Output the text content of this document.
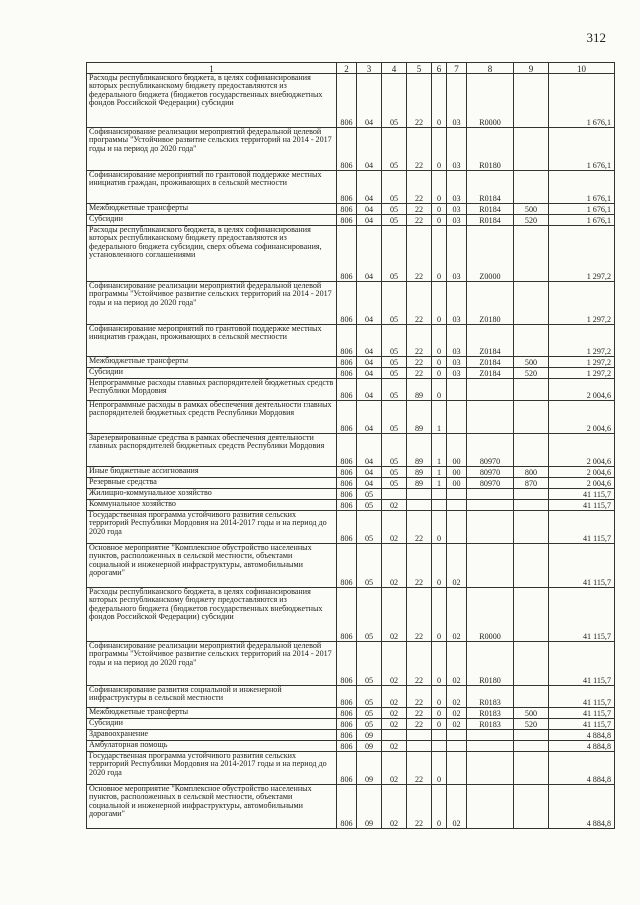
312
1	2	3	4	5	6	7	8	9	10
Расходы республиканского бюджета, в целях софинансирования которых республиканскому бюджету предоставляются из федерального бюджета (бюджетов государственных внебюджетных фондов Российской Федерации) субсидии	806	04	05	22	0	03	R0000		1 676,1
Софинансирование реализации мероприятий федеральной целевой программы "Устойчивое развитие сельских территорий на 2014 - 2017 годы и на период до 2020 года"	806	04	05	22	0	03	R0180		1 676,1
Софинансирование мероприятий по грантовой поддержке местных инициатив граждан, проживающих в сельской местности	806	04	05	22	0	03	R0184		1 676,1
Межбюджетные трансферты	806	04	05	22	0	03	R0184	500	1 676,1
Субсидии	806	04	05	22	0	03	R0184	520	1 676,1
Расходы республиканского бюджета, в целях софинансирования которых республиканскому бюджету предоставляются из федерального бюджета субсидии, сверх объема софинансирования, установленного соглашениями	806	04	05	22	0	03	Z0000		1 297,2
Софинансирование реализации мероприятий федеральной целевой программы "Устойчивое развитие сельских территорий на 2014 - 2017 годы и на период до 2020 года"	806	04	05	22	0	03	Z0180		1 297,2
Софинансирование мероприятий по грантовой поддержке местных инициатив граждан, проживающих в сельской местности	806	04	05	22	0	03	Z0184		1 297,2
Межбюджетные трансферты	806	04	05	22	0	03	Z0184	500	1 297,2
Субсидии	806	04	05	22	0	03	Z0184	520	1 297,2
Непрограммные расходы главных распорядителей бюджетных средств Республики Мордовия	806	04	05	89	0				2 004,6
Непрограммные расходы в рамках обеспечения деятельности главных распорядителей бюджетных средств Республики Мордовия	806	04	05	89	1				2 004,6
Зарезервированные средства в рамках обеспечения деятельности главных распорядителей бюджетных средств Республики Мордовия	806	04	05	89	1	00	80970		2 004,6
Иные бюджетные ассигнования	806	04	05	89	1	00	80970	800	2 004,6
Резервные средства	806	04	05	89	1	00	80970	870	2 004,6
Жилищно-коммунальное хозяйство	806	05							41 115,7
Коммунальное хозяйство	806	05	02						41 115,7
Государственная программа устойчивого развития сельских территорий Республики Мордовия на 2014-2017 годы и на период до 2020 года	806	05	02	22	0				41 115,7
Основное мероприятие "Комплексное обустройство населенных пунктов, расположенных в сельской местности, объектами социальной и инженерной инфраструктуры, автомобильными дорогами"	806	05	02	22	0	02			41 115,7
Расходы республиканского бюджета, в целях софинансирования которых республиканскому бюджету предоставляются из федерального бюджета (бюджетов государственных внебюджетных фондов Российской Федерации) субсидии	806	05	02	22	0	02	R0000		41 115,7
Софинансирование реализации мероприятий федеральной целевой программы "Устойчивое развитие сельских территорий на 2014 - 2017 годы и на период до 2020 года"	806	05	02	22	0	02	R0180		41 115,7
Софинансирование развития социальной и инженерной инфраструктуры в сельской местности	806	05	02	22	0	02	R0183		41 115,7
Межбюджетные трансферты	806	05	02	22	0	02	R0183	500	41 115,7
Субсидии	806	05	02	22	0	02	R0183	520	41 115,7
Здравоохранение	806	09							4 884,8
Амбулаторная помощь	806	09	02						4 884,8
Государственная программа устойчивого развития сельских территорий Республики Мордовия на 2014-2017 годы и на период до 2020 года	806	09	02	22	0				4 884,8
Основное мероприятие "Комплексное обустройство населенных пунктов, расположенных в сельской местности, объектами социальной и инженерной инфраструктуры, автомобильными дорогами"	806	09	02	22	0	02			4 884,8
